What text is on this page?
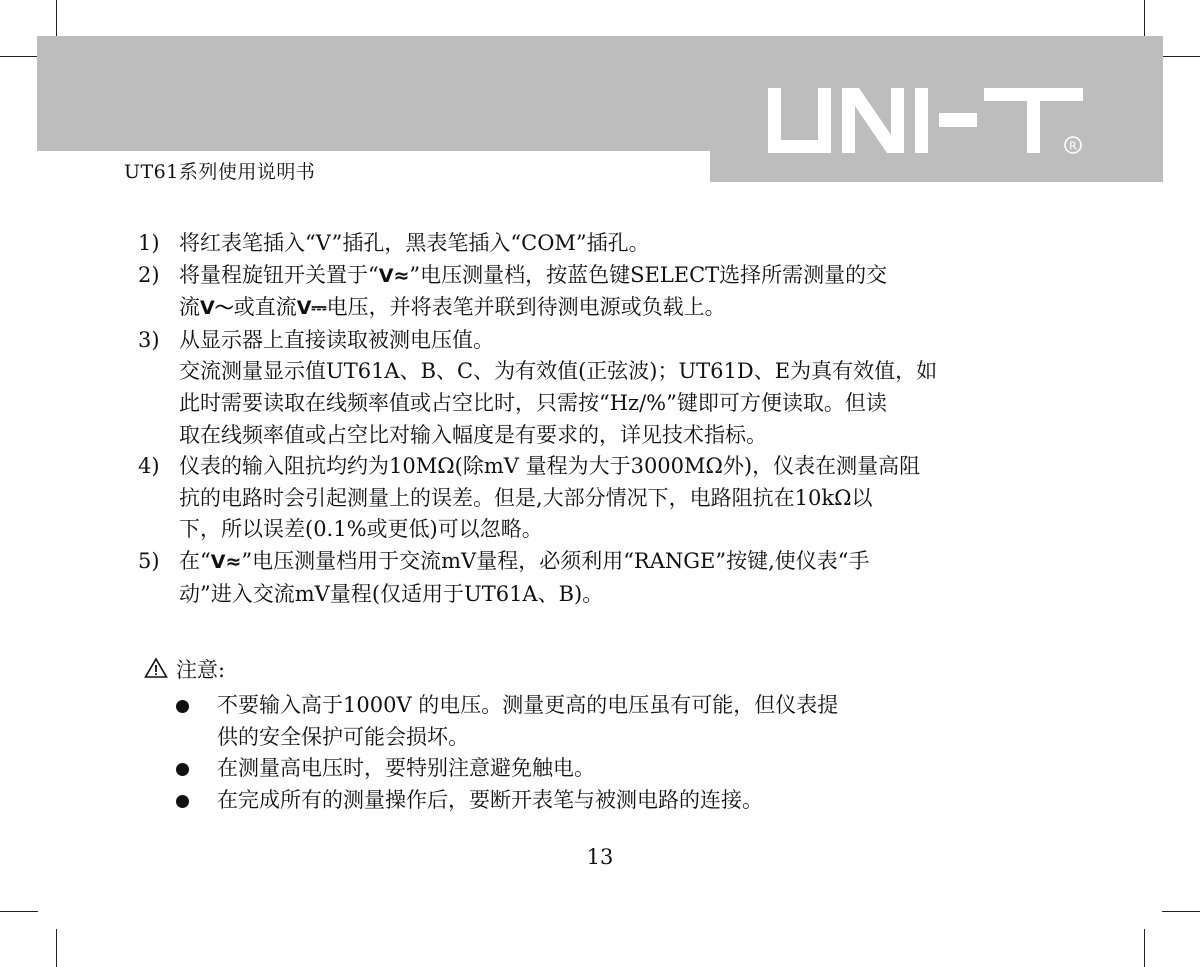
R
UT61系列使用说明书
1) 将红表笔插入“V”插孔，黑表笔插入“COM”插孔。
2) 将量程旋钮开关置于“V≈”电压测量档，按蓝色键SELECT选择所需测量的交
流V～或直流V⎓电压，并将表笔并联到待测电源或负载上。
3) 从显示器上直接读取被测电压值。
交流测量显示值UT61A、B、C、为有效值(正弦波)；UT61D、E为真有效值，如
此时需要读取在线频率值或占空比时，只需按“Hz/%”键即可方便读取。但读
取在线频率值或占空比对输入幅度是有要求的，详见技术指标。
4) 仪表的输入阻抗均约为10MΩ(除mV 量程为大于3000MΩ外)，仪表在测量高阻
抗的电路时会引起测量上的误差。但是,大部分情况下，电路阻抗在10kΩ以
下，所以误差(0.1%或更低)可以忽略。
5) 在“V≈”电压测量档用于交流mV量程，必须利用“RANGE”按键,使仪表“手
动”进入交流mV量程(仅适用于UT61A、B)。
注意:
不要输入高于1000V 的电压。测量更高的电压虽有可能，但仪表提
供的安全保护可能会损坏。
在测量高电压时，要特别注意避免触电。
在完成所有的测量操作后，要断开表笔与被测电路的连接。
13
